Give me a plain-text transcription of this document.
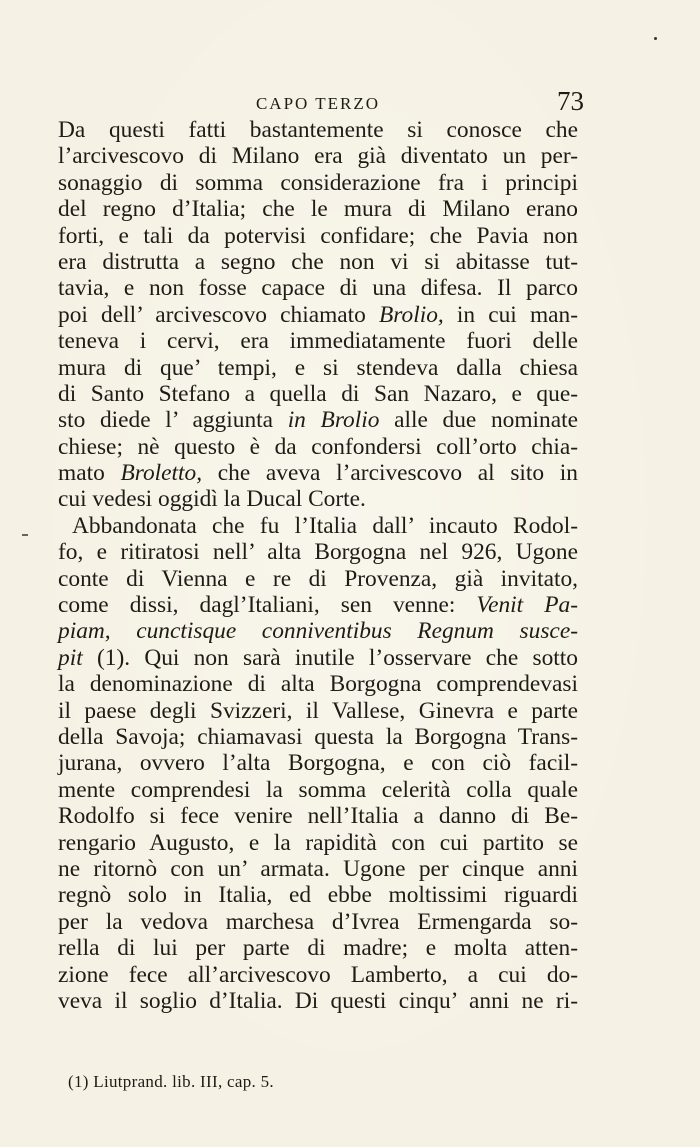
CAPO TERZO	73
Da questi fatti bastantemente si conosce che
l’arcivescovo di Milano era già diventato un per-
sonaggio di somma considerazione fra i principi
del regno d’Italia; che le mura di Milano erano
forti, e tali da potervisi confidare; che Pavia non
era distrutta a segno che non vi si abitasse tut-
tavia, e non fosse capace di una difesa. Il parco
poi dell’ arcivescovo chiamato Brolio, in cui man-
teneva i cervi, era immediatamente fuori delle
mura di que’ tempi, e si stendeva dalla chiesa
di Santo Stefano a quella di San Nazaro, e que-
sto diede l’ aggiunta in Brolio alle due nominate
chiese; nè questo è da confondersi coll’orto chia-
mato Broletto, che aveva l’arcivescovo al sito in
cui vedesi oggidì la Ducal Corte.
Abbandonata che fu l’Italia dall’ incauto Rodol-
fo, e ritiratosi nell’ alta Borgogna nel 926, Ugone
conte di Vienna e re di Provenza, già invitato,
come dissi, dagl’Italiani, sen venne: Venit Pa-
piam, cunctisque conniventibus Regnum susce-
pit (1). Qui non sarà inutile l’osservare che sotto
la denominazione di alta Borgogna comprendevasi
il paese degli Svizzeri, il Vallese, Ginevra e parte
della Savoja; chiamavasi questa la Borgogna Trans-
jurana, ovvero l’alta Borgogna, e con ciò facil-
mente comprendesi la somma celerità colla quale
Rodolfo si fece venire nell’Italia a danno di Be-
rengario Augusto, e la rapidità con cui partito se
ne ritornò con un’ armata. Ugone per cinque anni
regnò solo in Italia, ed ebbe moltissimi riguardi
per la vedova marchesa d’Ivrea Ermengarda so-
rella di lui per parte di madre; e molta atten-
zione fece all’arcivescovo Lamberto, a cui do-
veva il soglio d’Italia. Di questi cinqu’ anni ne ri-
(1) Liutprand. lib. III, cap. 5.
